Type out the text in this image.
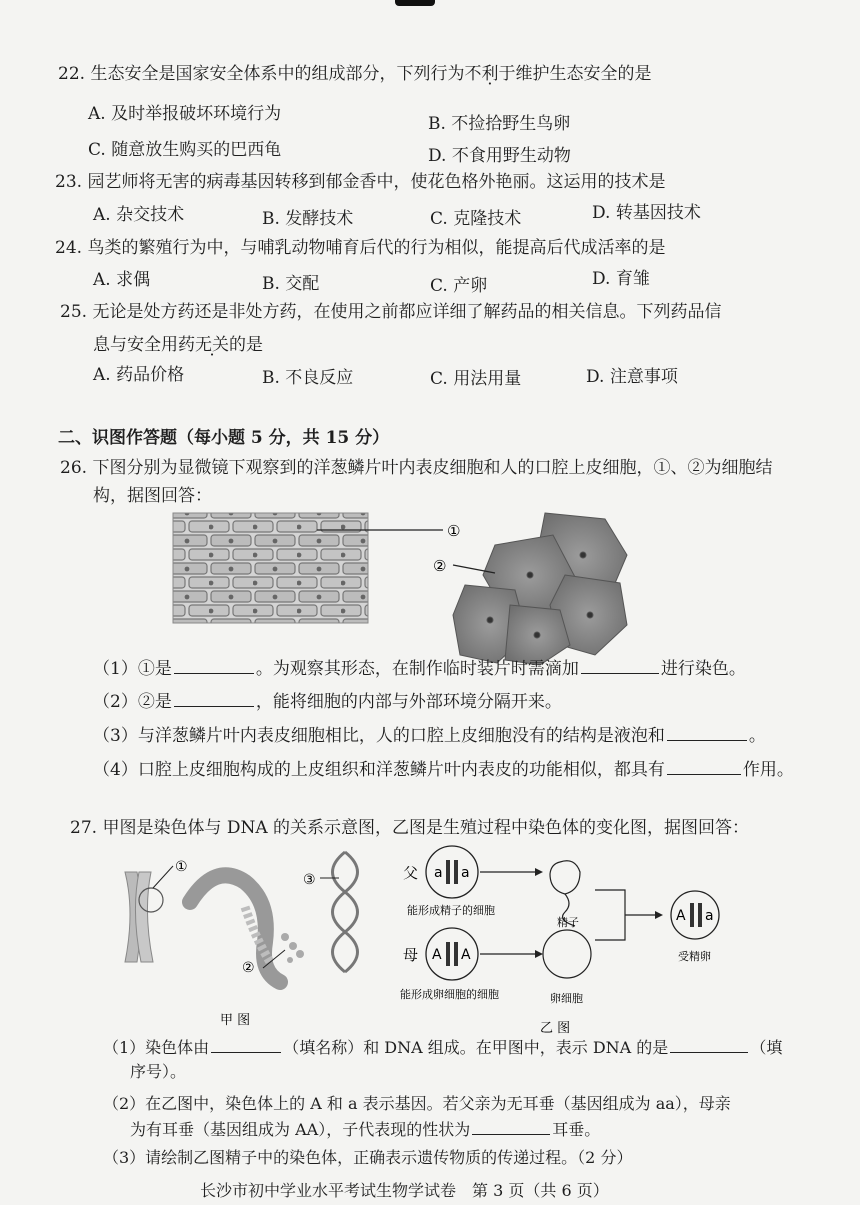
22. 生态安全是国家安全体系中的组成部分，下列行为不利于维护生态安全的是
A. 及时举报破坏环境行为	B. 不捡拾野生鸟卵
C. 随意放生购买的巴西龟	D. 不食用野生动物
23. 园艺师将无害的病毒基因转移到郁金香中，使花色格外艳丽。这运用的技术是
A. 杂交技术	B. 发酵技术	C. 克隆技术	D. 转基因技术
24. 鸟类的繁殖行为中，与哺乳动物哺育后代的行为相似，能提高后代成活率的是
A. 求偶	B. 交配	C. 产卵	D. 育雏
25. 无论是处方药还是非处方药，在使用之前都应详细了解药品的相关信息。下列药品信
息与安全用药无关的是
A. 药品价格	B. 不良反应	C. 用法用量	D. 注意事项
二、识图作答题（每小题 5 分，共 15 分）
26. 下图分别为显微镜下观察到的洋葱鳞片叶内表皮细胞和人的口腔上皮细胞，①、②为细胞结
构，据图回答：
①
②
（1）①是	。为观察其形态，在制作临时装片时需滴加	进行染色。
（2）②是	，能将细胞的内部与外部环境分隔开来。
（3）与洋葱鳞片叶内表皮细胞相比，人的口腔上皮细胞没有的结构是液泡和	。
（4）口腔上皮细胞构成的上皮组织和洋葱鳞片叶内表皮的功能相似，都具有	作用。
27. 甲图是染色体与 DNA 的关系示意图，乙图是生殖过程中染色体的变化图，据图回答：
①
②
③
甲 图
父 a a
能形成精子的细胞
精子
母 A A
能形成卵细胞的细胞	卵细胞
A a
受精卵
乙 图
（1）染色体由	（填名称）和 DNA 组成。在甲图中，表示 DNA 的是	（填
序号）。
（2）在乙图中，染色体上的 A 和 a 表示基因。若父亲为无耳垂（基因组成为 aa），母亲
为有耳垂（基因组成为 AA），子代表现的性状为	耳垂。
（3）请绘制乙图精子中的染色体，正确表示遗传物质的传递过程。（2 分）
长沙市初中学业水平考试生物学试卷　第 3 页（共 6 页）
